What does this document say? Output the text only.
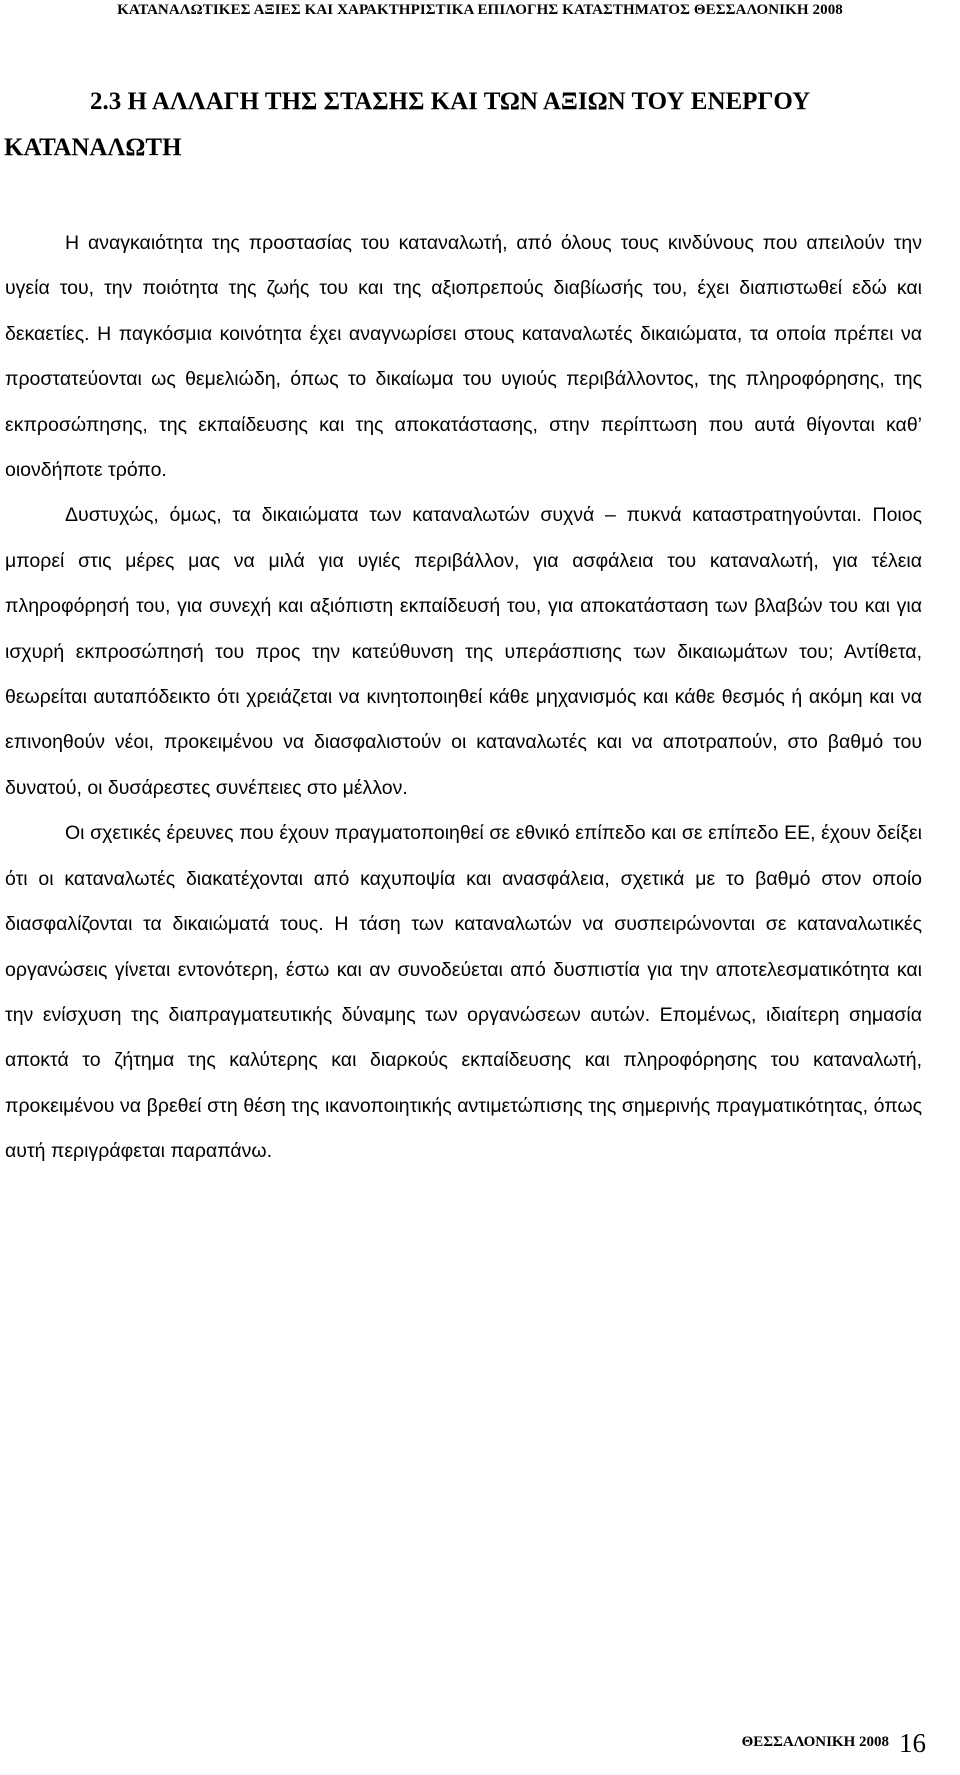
ΚΑΤΑΝΑΛΩΤΙΚΕΣ ΑΞΙΕΣ ΚΑΙ ΧΑΡΑΚΤΗΡΙΣΤΙΚΑ ΕΠΙΛΟΓΗΣ ΚΑΤΑΣΤΗΜΑΤΟΣ ΘΕΣΣΑΛΟΝΙΚΗ 2008
2.3 Η ΑΛΛΑΓΗ ΤΗΣ ΣΤΑΣΗΣ ΚΑΙ ΤΩΝ ΑΞΙΩΝ ΤΟΥ ΕΝΕΡΓΟΥ ΚΑΤΑΝΑΛΩΤΗ

Η αναγκαιότητα της προστασίας του καταναλωτή, από όλους τους κινδύνους που απειλούν την υγεία του, την ποιότητα της ζωής του και της αξιοπρεπούς διαβίωσής του, έχει διαπιστωθεί εδώ και δεκαετίες. Η παγκόσμια κοινότητα έχει αναγνωρίσει στους καταναλωτές δικαιώματα, τα οποία πρέπει να προστατεύονται ως θεμελιώδη, όπως το δικαίωμα του υγιούς περιβάλλοντος, της πληροφόρησης, της εκπροσώπησης, της εκπαίδευσης και της αποκατάστασης, στην περίπτωση που αυτά θίγονται καθ’ οιονδήποτε τρόπο.

Δυστυχώς, όμως, τα δικαιώματα των καταναλωτών συχνά – πυκνά καταστρατηγούνται. Ποιος μπορεί στις μέρες μας να μιλά για υγιές περιβάλλον, για ασφάλεια του καταναλωτή, για τέλεια πληροφόρησή του, για συνεχή και αξιόπιστη εκπαίδευσή του, για αποκατάσταση των βλαβών του και για ισχυρή εκπροσώπησή του προς την κατεύθυνση της υπεράσπισης των δικαιωμάτων του; Αντίθετα, θεωρείται αυταπόδεικτο ότι χρειάζεται να κινητοποιηθεί κάθε μηχανισμός και κάθε θεσμός ή ακόμη και να επινοηθούν νέοι, προκειμένου να διασφαλιστούν οι καταναλωτές και να αποτραπούν, στο βαθμό του δυνατού, οι δυσάρεστες συνέπειες στο μέλλον.

Οι σχετικές έρευνες που έχουν πραγματοποιηθεί σε εθνικό επίπεδο και σε επίπεδο ΕΕ, έχουν δείξει ότι οι καταναλωτές διακατέχονται από καχυποψία και ανασφάλεια, σχετικά με το βαθμό στον οποίο διασφαλίζονται τα δικαιώματά τους. Η τάση των καταναλωτών να συσπειρώνονται σε καταναλωτικές οργανώσεις γίνεται εντονότερη, έστω και αν συνοδεύεται από δυσπιστία για την αποτελεσματικότητα και την ενίσχυση της διαπραγματευτικής δύναμης των οργανώσεων αυτών. Επομένως, ιδιαίτερη σημασία αποκτά το ζήτημα της καλύτερης και διαρκούς εκπαίδευσης και πληροφόρησης του καταναλωτή, προκειμένου να βρεθεί στη θέση της ικανοποιητικής αντιμετώπισης της σημερινής πραγματικότητας, όπως αυτή περιγράφεται παραπάνω.

ΘΕΣΣΑΛΟΝΙΚΗ 2008 16
